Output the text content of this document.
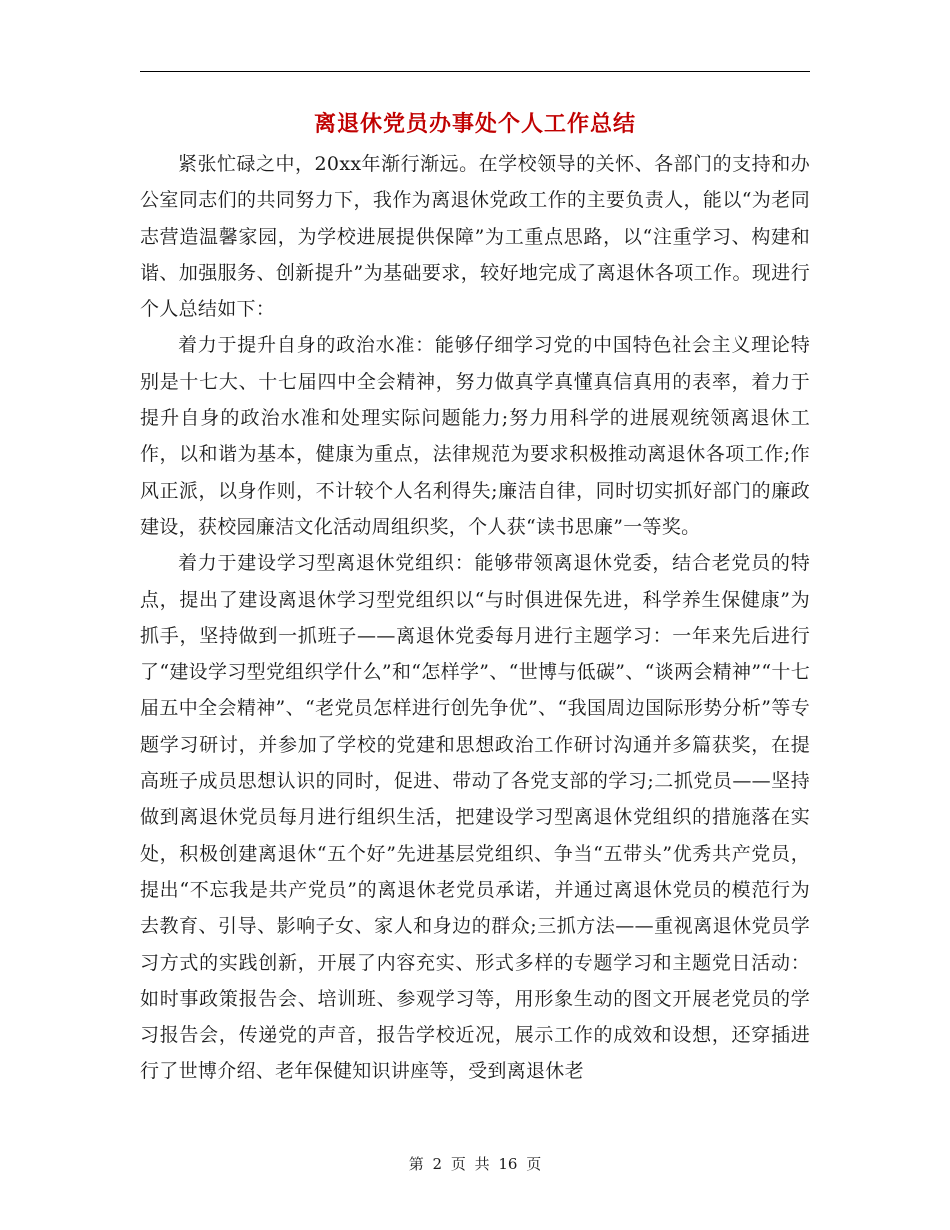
离退休党员办事处个人工作总结

紧张忙碌之中，20xx年渐行渐远。在学校领导的关怀、各部门的支持和办公室同志们的共同努力下，我作为离退休党政工作的主要负责人，能以“为老同志营造温馨家园，为学校进展提供保障”为工重点思路，以“注重学习、构建和谐、加强服务、创新提升”为基础要求，较好地完成了离退休各项工作。现进行个人总结如下：

着力于提升自身的政治水准：能够仔细学习党的中国特色社会主义理论特别是十七大、十七届四中全会精神，努力做真学真懂真信真用的表率，着力于提升自身的政治水准和处理实际问题能力;努力用科学的进展观统领离退休工作，以和谐为基本，健康为重点，法律规范为要求积极推动离退休各项工作;作风正派，以身作则，不计较个人名利得失;廉洁自律，同时切实抓好部门的廉政建设，获校园廉洁文化活动周组织奖，个人获“读书思廉”一等奖。

着力于建设学习型离退休党组织：能够带领离退休党委，结合老党员的特点，提出了建设离退休学习型党组织以“与时俱进保先进，科学养生保健康”为抓手，坚持做到一抓班子——离退休党委每月进行主题学习：一年来先后进行了“建设学习型党组织学什么”和“怎样学”、“世博与低碳”、“谈两会精神”“十七届五中全会精神”、“老党员怎样进行创先争优”、“我国周边国际形势分析”等专题学习研讨，并参加了学校的党建和思想政治工作研讨沟通并多篇获奖，在提高班子成员思想认识的同时，促进、带动了各党支部的学习;二抓党员——坚持做到离退休党员每月进行组织生活，把建设学习型离退休党组织的措施落在实处，积极创建离退休“五个好”先进基层党组织、争当“五带头”优秀共产党员，提出“不忘我是共产党员”的离退休老党员承诺，并通过离退休党员的模范行为去教育、引导、影响子女、家人和身边的群众;三抓方法——重视离退休党员学习方式的实践创新，开展了内容充实、形式多样的专题学习和主题党日活动：如时事政策报告会、培训班、参观学习等，用形象生动的图文开展老党员的学习报告会，传递党的声音，报告学校近况，展示工作的成效和设想，还穿插进行了世博介绍、老年保健知识讲座等，受到离退休老

第 2 页 共 16 页
